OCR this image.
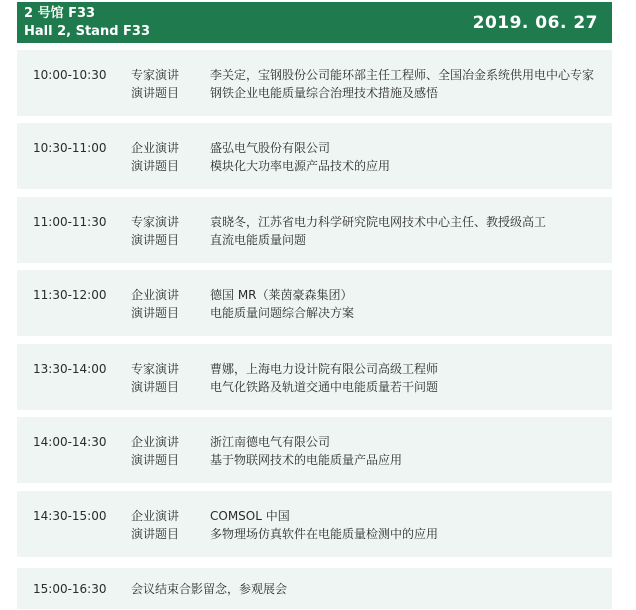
2 号馆 F33
Hall 2, Stand F33	2019. 06. 27
10:00-10:30 专家演讲
演讲题目
李关定，宝钢股份公司能环部主任工程师、全国冶金系统供用电中心专家
钢铁企业电能质量综合治理技术措施及感悟
10:30-11:00 企业演讲
演讲题目
盛弘电气股份有限公司
模块化大功率电源产品技术的应用
11:00-11:30 专家演讲
演讲题目
袁晓冬，江苏省电力科学研究院电网技术中心主任、教授级高工
直流电能质量问题
11:30-12:00 企业演讲
演讲题目
德国 MR（莱茵豪森集团）
电能质量问题综合解决方案
13:30-14:00 专家演讲
演讲题目
曹娜，上海电力设计院有限公司高级工程师
电气化铁路及轨道交通中电能质量若干问题
14:00-14:30 企业演讲
演讲题目
浙江南德电气有限公司
基于物联网技术的电能质量产品应用
14:30-15:00 企业演讲
演讲题目
COMSOL 中国
多物理场仿真软件在电能质量检测中的应用
15:00-16:30 会议结束合影留念，参观展会
